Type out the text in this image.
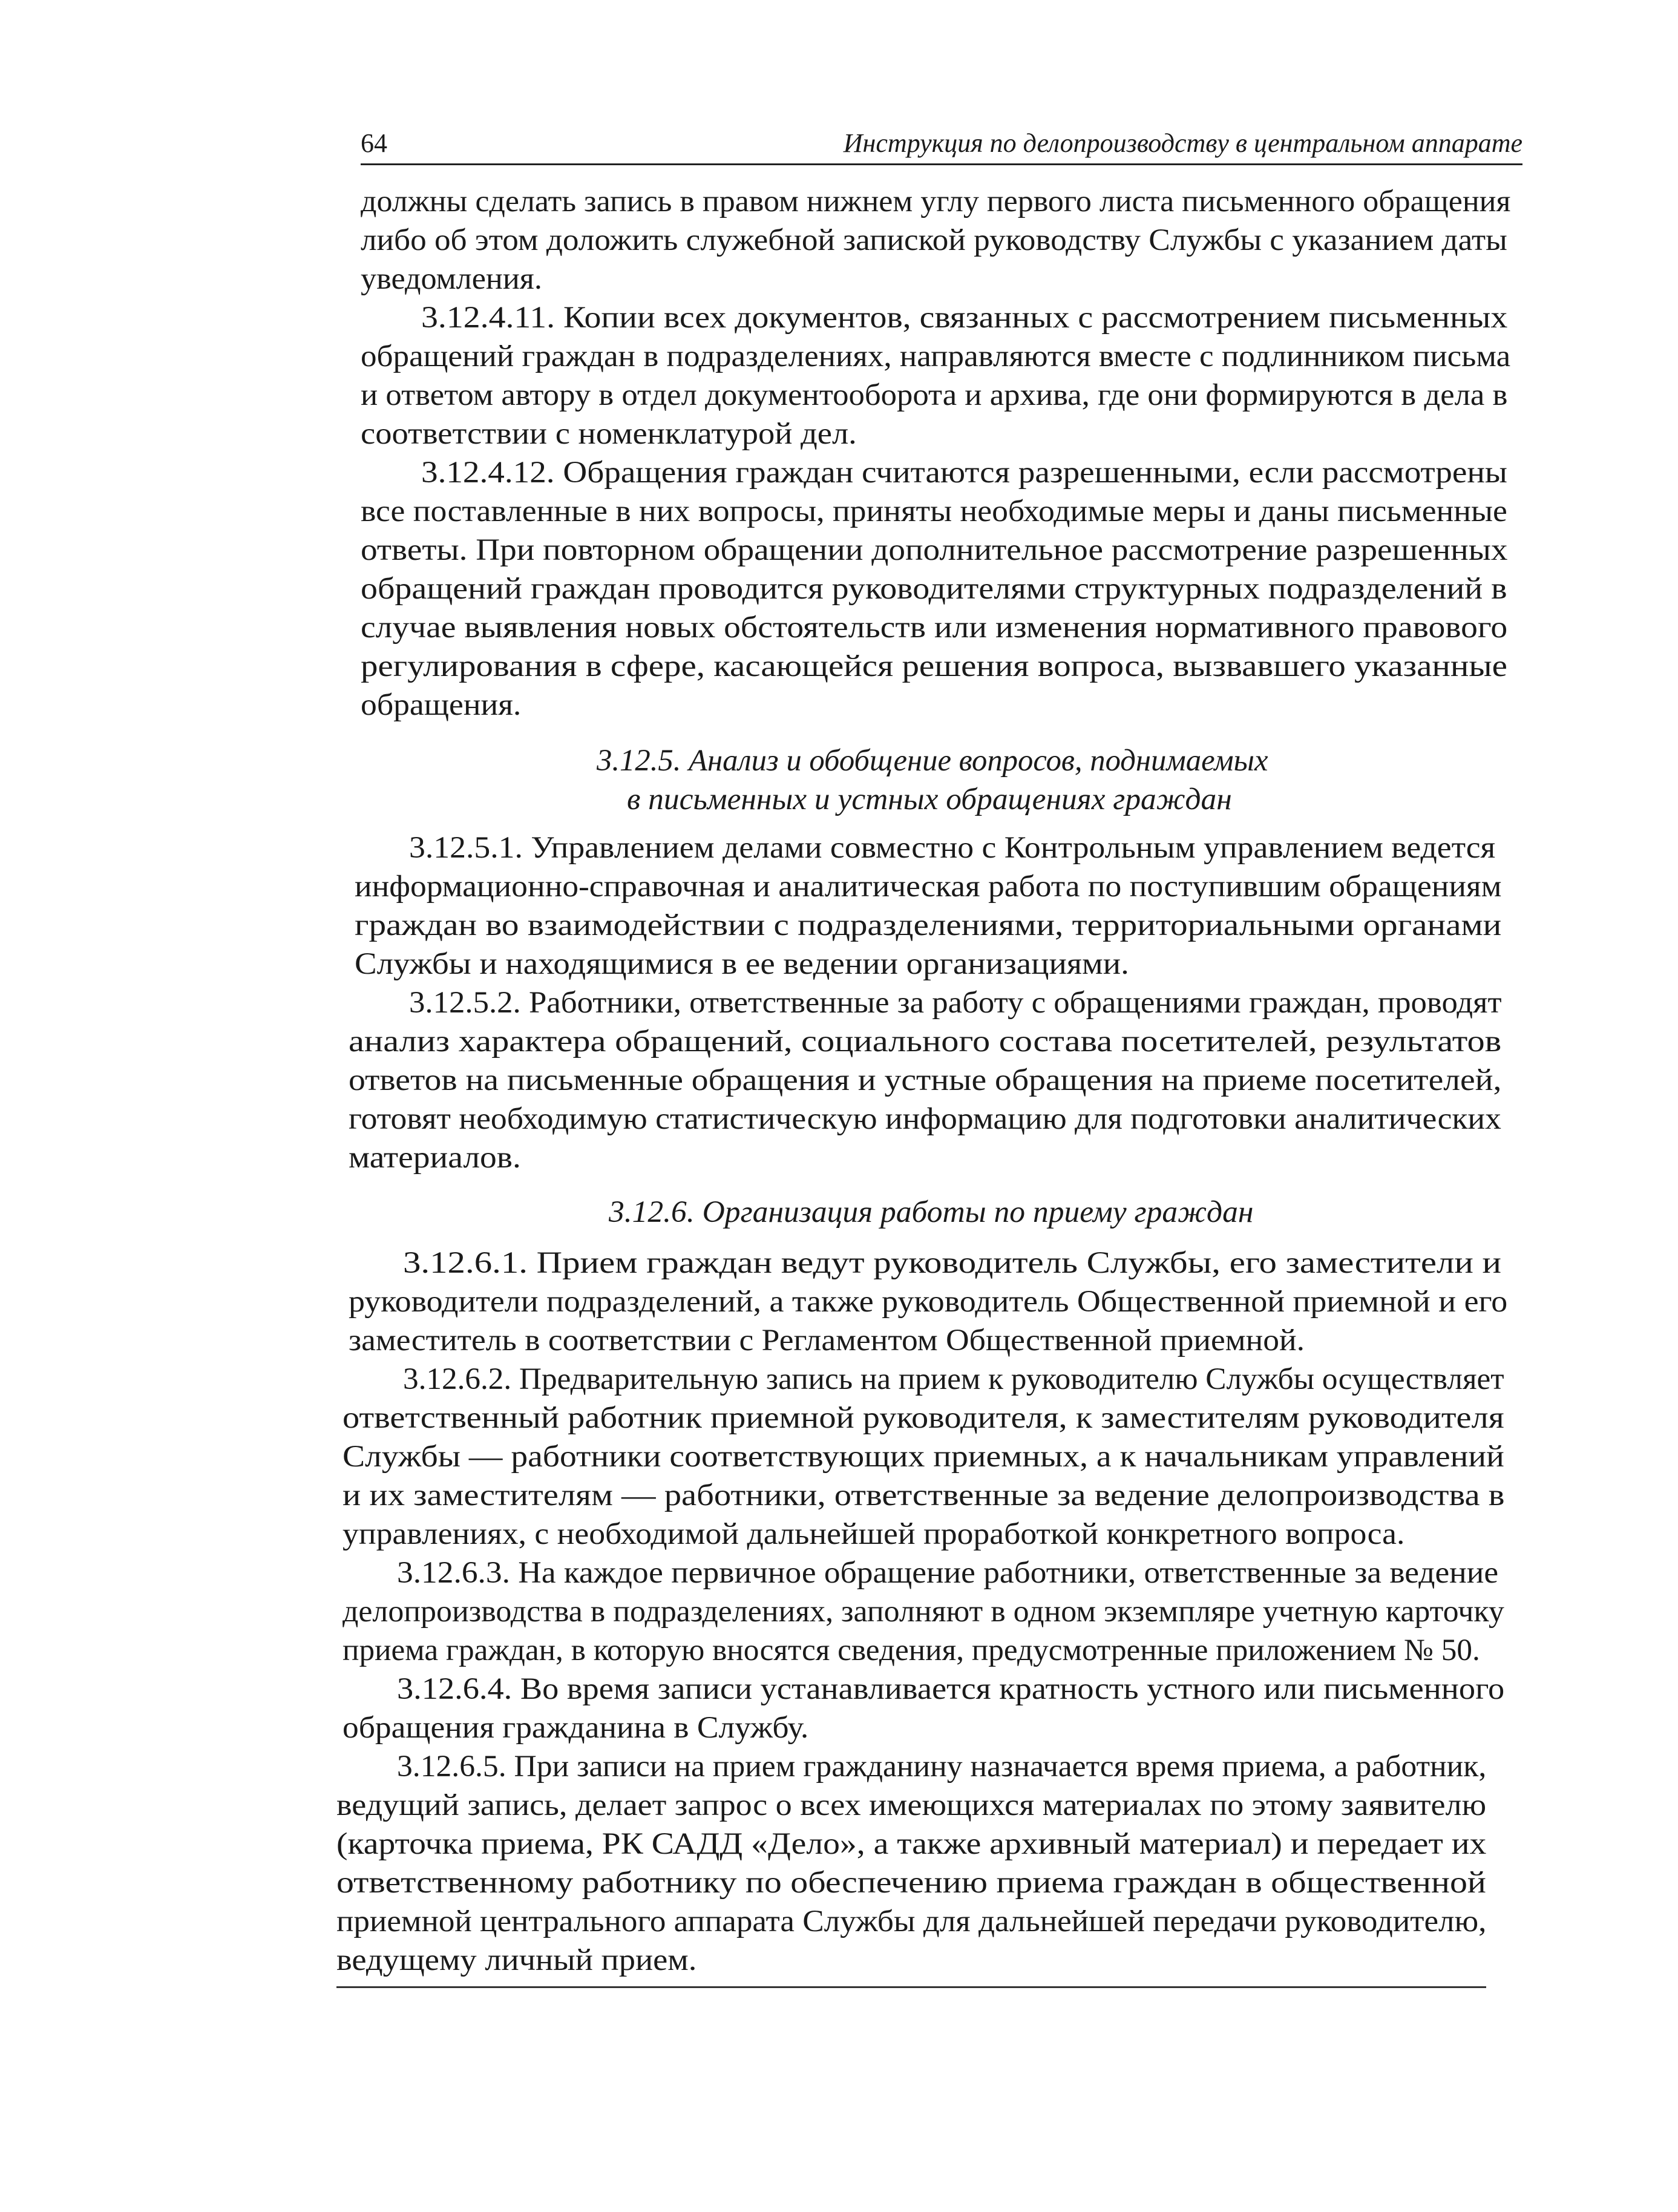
64	Инструкция по делопроизводству в центральном аппарате
должны сделать запись в правом нижнем углу первого листа письменного обращения
либо об этом доложить служебной запиской руководству Службы с указанием даты
уведомления.
3.12.4.11. Копии всех документов, связанных с рассмотрением письменных
обращений граждан в подразделениях, направляются вместе с подлинником письма
и ответом автору в отдел документооборота и архива, где они формируются в дела в
соответствии с номенклатурой дел.
3.12.4.12. Обращения граждан считаются разрешенными, если рассмотрены
все поставленные в них вопросы, приняты необходимые меры и даны письменные
ответы. При повторном обращении дополнительное рассмотрение разрешенных
обращений граждан проводится руководителями структурных подразделений в
случае выявления новых обстоятельств или изменения нормативного правового
регулирования в сфере, касающейся решения вопроса, вызвавшего указанные
обращения.
3.12.5. Анализ и обобщение вопросов, поднимаемых
в письменных и устных обращениях граждан
3.12.5.1. Управлением делами совместно с Контрольным управлением ведется
информационно-справочная и аналитическая работа по поступившим обращениям
граждан во взаимодействии с подразделениями, территориальными органами
Службы и находящимися в ее ведении организациями.
3.12.5.2. Работники, ответственные за работу с обращениями граждан, проводят
анализ характера обращений, социального состава посетителей, результатов
ответов на письменные обращения и устные обращения на приеме посетителей,
готовят необходимую статистическую информацию для подготовки аналитических
материалов.
3.12.6. Организация работы по приему граждан
3.12.6.1. Прием граждан ведут руководитель Службы, его заместители и
руководители подразделений, а также руководитель Общественной приемной и его
заместитель в соответствии с Регламентом Общественной приемной.
3.12.6.2. Предварительную запись на прием к руководителю Службы осуществляет
ответственный работник приемной руководителя, к заместителям руководителя
Службы — работники соответствующих приемных, а к начальникам управлений
и их заместителям — работники, ответственные за ведение делопроизводства в
управлениях, с необходимой дальнейшей проработкой конкретного вопроса.
3.12.6.3. На каждое первичное обращение работники, ответственные за ведение
делопроизводства в подразделениях, заполняют в одном экземпляре учетную карточку
приема граждан, в которую вносятся сведения, предусмотренные приложением № 50.
3.12.6.4. Во время записи устанавливается кратность устного или письменного
обращения гражданина в Службу.
3.12.6.5. При записи на прием гражданину назначается время приема, а работник,
ведущий запись, делает запрос о всех имеющихся материалах по этому заявителю
(карточка приема, РК САДД «Дело», а также архивный материал) и передает их
ответственному работнику по обеспечению приема граждан в общественной
приемной центрального аппарата Службы для дальнейшей передачи руководителю,
ведущему личный прием.
